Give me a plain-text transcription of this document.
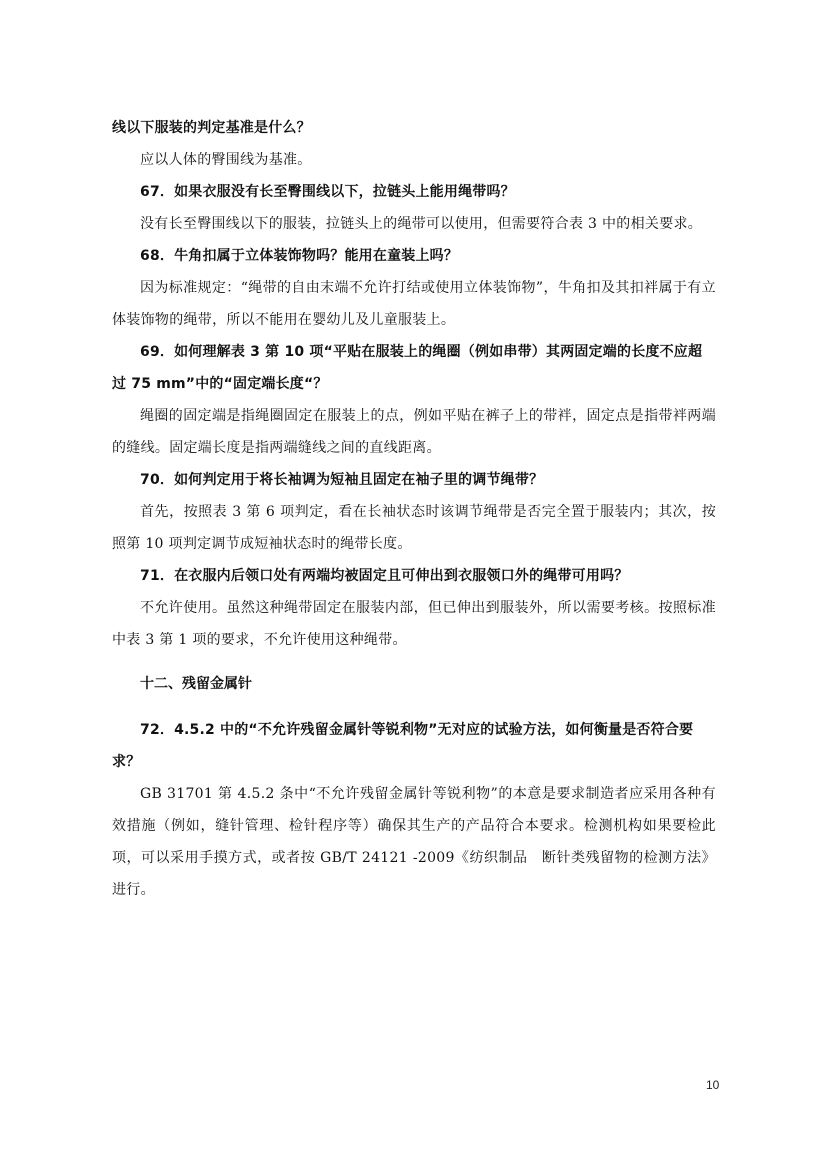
线以下服装的判定基准是什么？

应以人体的臀围线为基准。

67．如果衣服没有长至臀围线以下，拉链头上能用绳带吗？

没有长至臀围线以下的服装，拉链头上的绳带可以使用，但需要符合表 3 中的相关要求。

68．牛角扣属于立体装饰物吗？能用在童装上吗？

因为标准规定：“绳带的自由末端不允许打结或使用立体装饰物”，牛角扣及其扣袢属于有立体装饰物的绳带，所以不能用在婴幼儿及儿童服装上。

69．如何理解表 3 第 10 项“平贴在服装上的绳圈（例如串带）其两固定端的长度不应超过 75 mm”中的“固定端长度“？

绳圈的固定端是指绳圈固定在服装上的点，例如平贴在裤子上的带袢，固定点是指带袢两端的缝线。固定端长度是指两端缝线之间的直线距离。

70．如何判定用于将长袖调为短袖且固定在袖子里的调节绳带？

首先，按照表 3 第 6 项判定，看在长袖状态时该调节绳带是否完全置于服装内；其次，按照第 10 项判定调节成短袖状态时的绳带长度。

71．在衣服内后领口处有两端均被固定且可伸出到衣服领口外的绳带可用吗？

不允许使用。虽然这种绳带固定在服装内部，但已伸出到服装外，所以需要考核。按照标准中表 3 第 1 项的要求，不允许使用这种绳带。

十二、残留金属针

72．4.5.2 中的“不允许残留金属针等锐利物”无对应的试验方法，如何衡量是否符合要求？

GB 31701 第 4.5.2 条中“不允许残留金属针等锐利物”的本意是要求制造者应采用各种有效措施（例如，缝针管理、检针程序等）确保其生产的产品符合本要求。检测机构如果要检此项，可以采用手摸方式，或者按 GB/T 24121 -2009《纺织制品　断针类残留物的检测方法》进行。

10
